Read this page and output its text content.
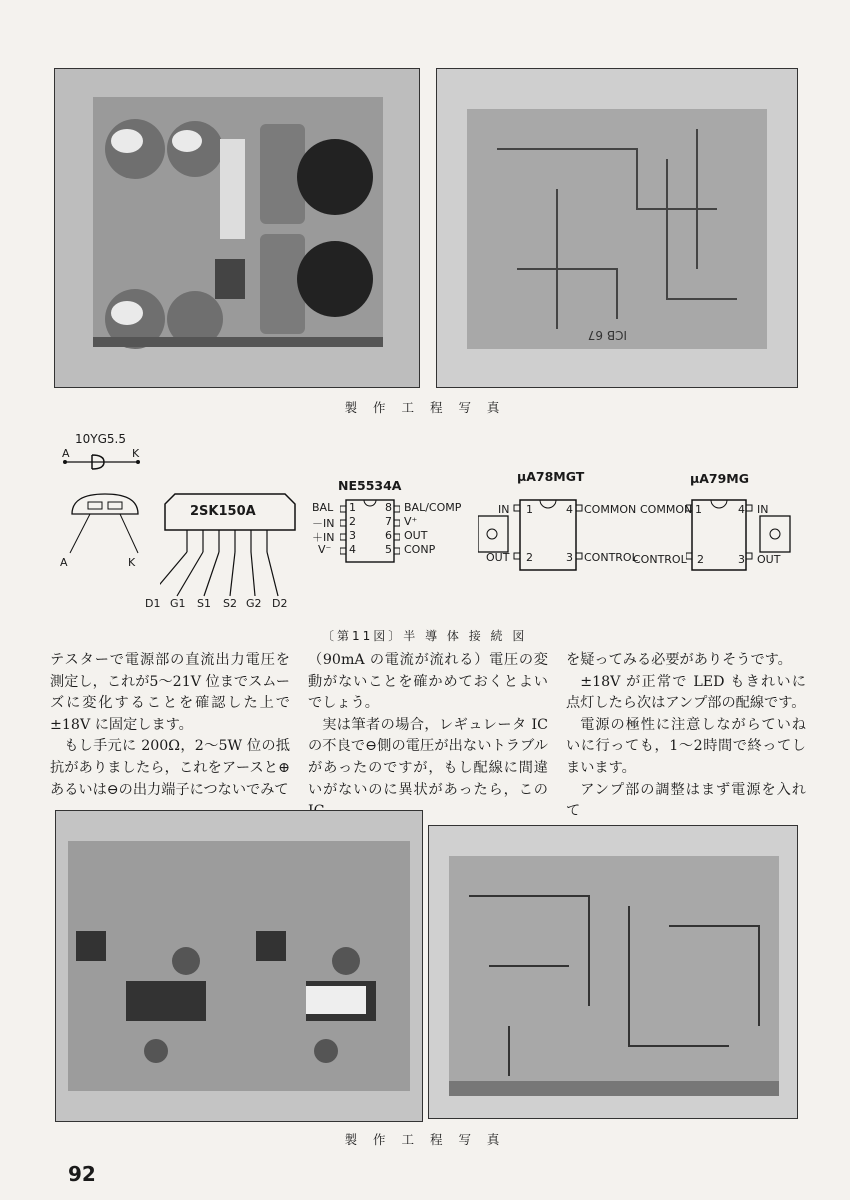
ICB 67
製 作 工 程 写 真
10YG5.5
A	K
A	K
2SK150A
D1 G1 S1 S2 G2 D2
NE5534A
BAL
－IN
＋IN
V⁻
1
2
3
4
8
7
6
5
BAL/COMP
V⁺
OUT
CONP
μA78MGT
IN 1	4 COMMON
OUT 2	3 CONTROL
μA79MG
COMMON 1	4 IN
CONTROL 2	3 OUT
〔第11図〕半 導 体 接 続 図

テスターで電源部の直流出力電圧を測定し，これが5～21V 位までスムーズに変化することを確認した上で±18V に固定します。

もし手元に 200Ω，2～5W 位の抵抗がありましたら，これをアースと⊕あるいは⊖の出力端子につないでみて

（90mA の電流が流れる）電圧の変動がないことを確かめておくとよいでしょう。

実は筆者の場合，レギュレータ IC の不良で⊖側の電圧が出ないトラブルがあったのですが，もし配線に間違いがないのに異状があったら，この

を疑ってみる必要がありそうです。

±18V が正常で LED もきれいに点灯したら次はアンプ部の配線です。

電源の極性に注意しながらていねいに行っても，1～2時間で終ってしまいます。

アンプ部の調整はまず電源を入れて

製 作 工 程 写 真
92
